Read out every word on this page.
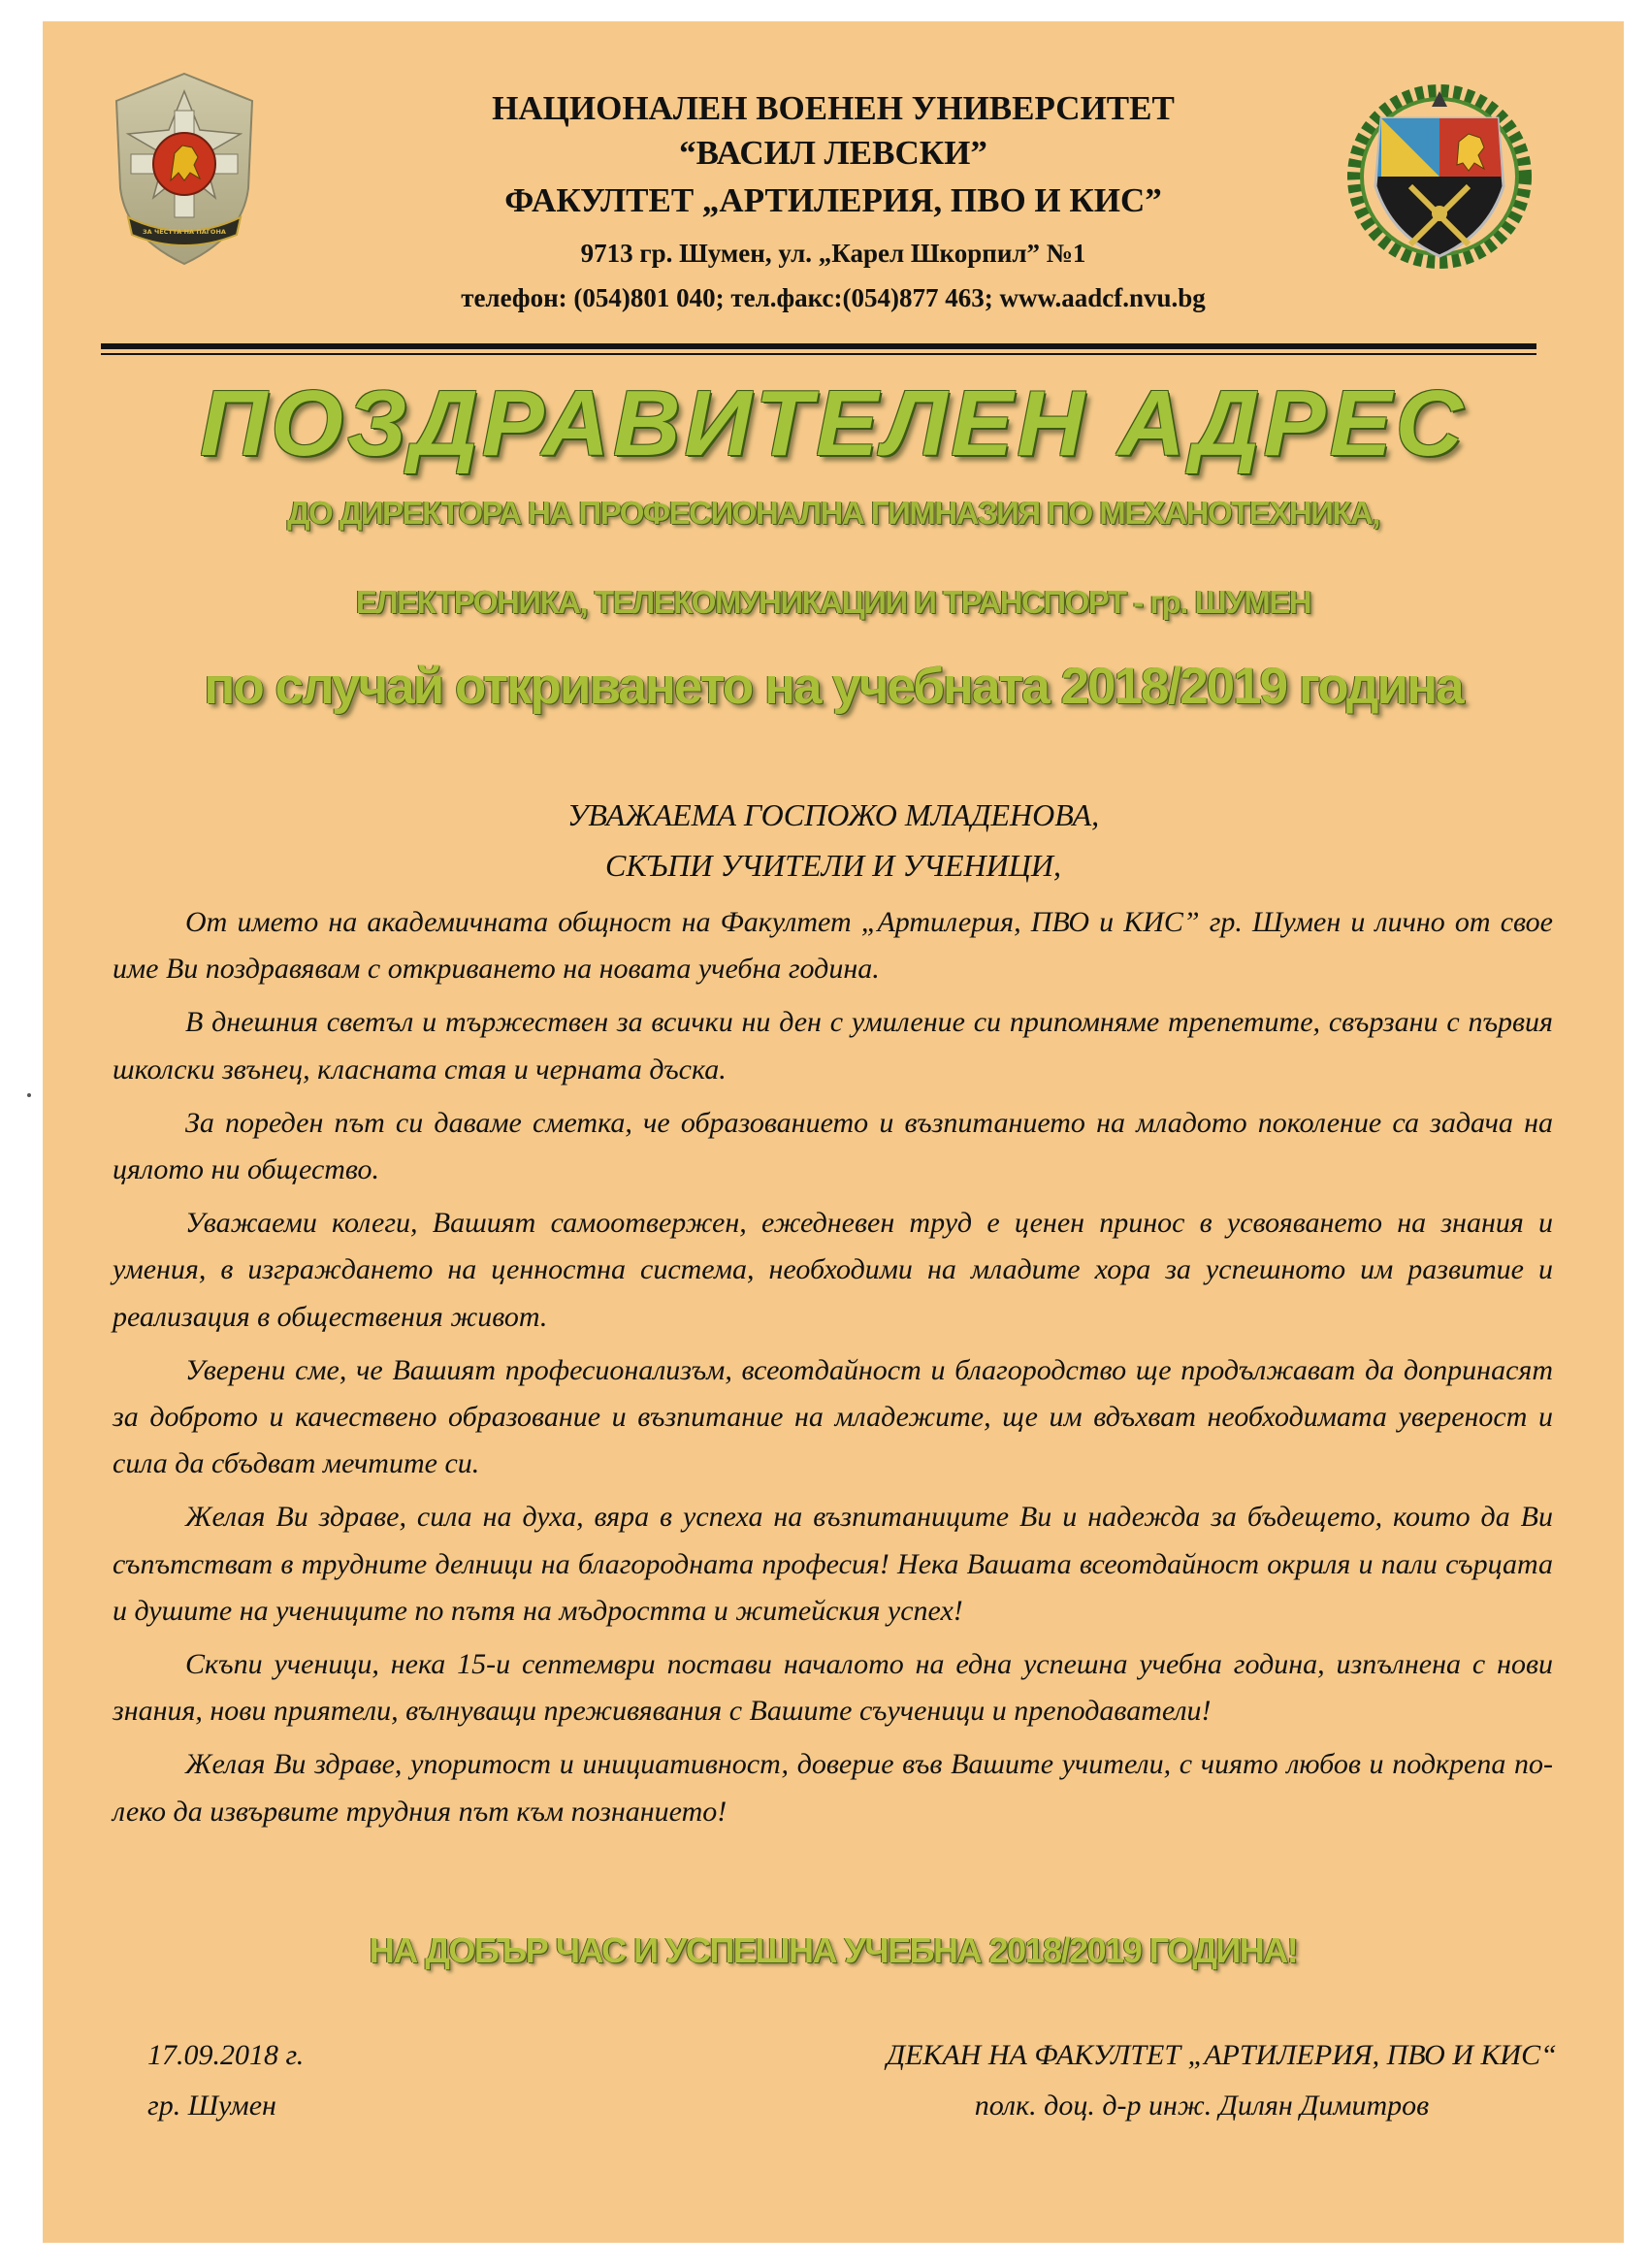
ЗА ЧЕСТТА НА ПАГОНА
НАЦИОНАЛЕН ВОЕНЕН УНИВЕРСИТЕТ
“ВАСИЛ ЛЕВСКИ”
ФАКУЛТЕТ „АРТИЛЕРИЯ, ПВО И КИС”
9713 гр. Шумен, ул. „Карел Шкорпил” №1
телефон: (054)801 040; тел.факс:(054)877 463; www.aadcf.nvu.bg
ПОЗДРАВИТЕЛЕН АДРЕС
ДО ДИРЕКТОРА НА ПРОФЕСИОНАЛНА ГИМНАЗИЯ ПО МЕХАНОТЕХНИКА,
ЕЛЕКТРОНИКА, ТЕЛЕКОМУНИКАЦИИ И ТРАНСПОРТ - гр. ШУМЕН
по случай откриването на учебната 2018/2019 година
УВАЖАЕМА ГОСПОЖО МЛАДЕНОВА,
СКЪПИ УЧИТЕЛИ И УЧЕНИЦИ,

От името на академичната общност на Факултет „Артилерия, ПВО и КИС” гр. Шумен и лично от свое име Ви поздравявам с откриването на новата учебна година.

В днешния светъл и тържествен за всички ни ден с умиление си припомняме трепетите, свързани с първия школски звънец, класната стая и черната дъска.

За пореден път си даваме сметка, че образованието и възпитанието на младото поколение са задача на цялото ни общество.

Уважаеми колеги, Вашият самоотвержен, ежедневен труд е ценен принос в усвояването на знания и умения, в изграждането на ценностна система, необходими на младите хора за успешното им развитие и реализация в обществения живот.

Уверени сме, че Вашият професионализъм, всеотдайност и благородство ще продължават да допринасят за доброто и качествено образование и възпитание на младежите, ще им вдъхват необходимата увереност и сила да сбъдват мечтите си.

Желая Ви здраве, сила на духа, вяра в успеха на възпитаниците Ви и надежда за бъдещето, които да Ви съпътстват в трудните делници на благородната професия! Нека Вашата всеотдайност окриля и пали сърцата и душите на учениците по пътя на мъдростта и житейския успех!

Скъпи ученици, нека 15-и септември постави началото на една успешна учебна година, изпълнена с нови знания, нови приятели, вълнуващи преживявания с Вашите съученици и преподаватели!

Желая Ви здраве, упоритост и инициативност, доверие във Вашите учители, с чиято любов и подкрепа по-леко да извървите трудния път към познанието!

НА ДОБЪР ЧАС И УСПЕШНА УЧЕБНА 2018/2019 ГОДИНА!
17.09.2018 г.
гр. Шумен
ДЕКАН НА ФАКУЛТЕТ „АРТИЛЕРИЯ, ПВО И КИС“
полк. доц. д-р инж. Дилян Димитров
